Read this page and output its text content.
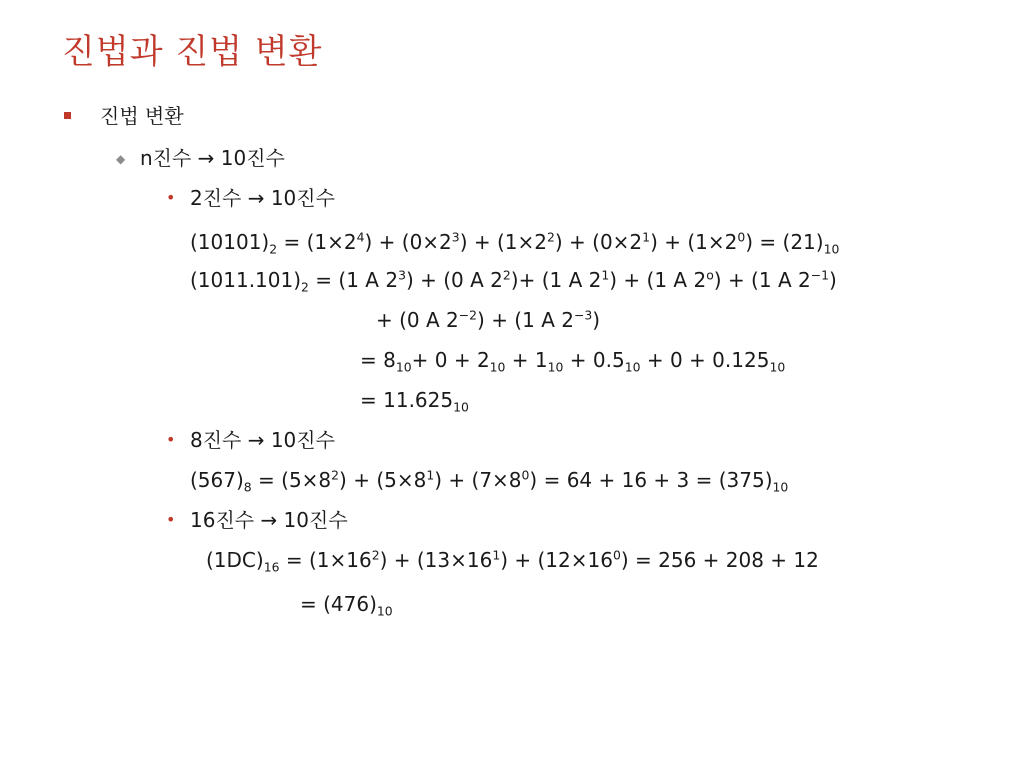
진법과 진법 변환
진법 변환
◆ n진수 → 10진수
• 2진수 → 10진수
$(10101)_2 = (1\times 2^4) + (0\times 2^3) + (1\times 2^2) + (0\times 2^1) + (1\times 2^0) = (21)_{10}$
$(1011.101)_2 = (1$ A $2^3) + (0$ A $2^2)+ (1$ A $2^1) + (1$ A $2^o) + (1$ A $2^{-1}$)
+ (0 A $2^{-2}) + (1$ A $2^{-3}$)
= $8_{10}+ 0 + 2_{10} + 1_{10} + 0.5_{10} + 0 + 0.125_{10}$
= $11.625_{10}$
• 8진수 → 10진수
$(567)_8 = (5\times 8^2) + (5\times 8^1) + (7\times 8^0) = 64 + 16 + 3 = (375)_{10}$
• 16진수 → 10진수
$(1DC)_{16} = (1\times 16^2) + (13\times 16^1) + (12\times 16^0) = 256 + 208 + 12$
= $(476)_{10}$
